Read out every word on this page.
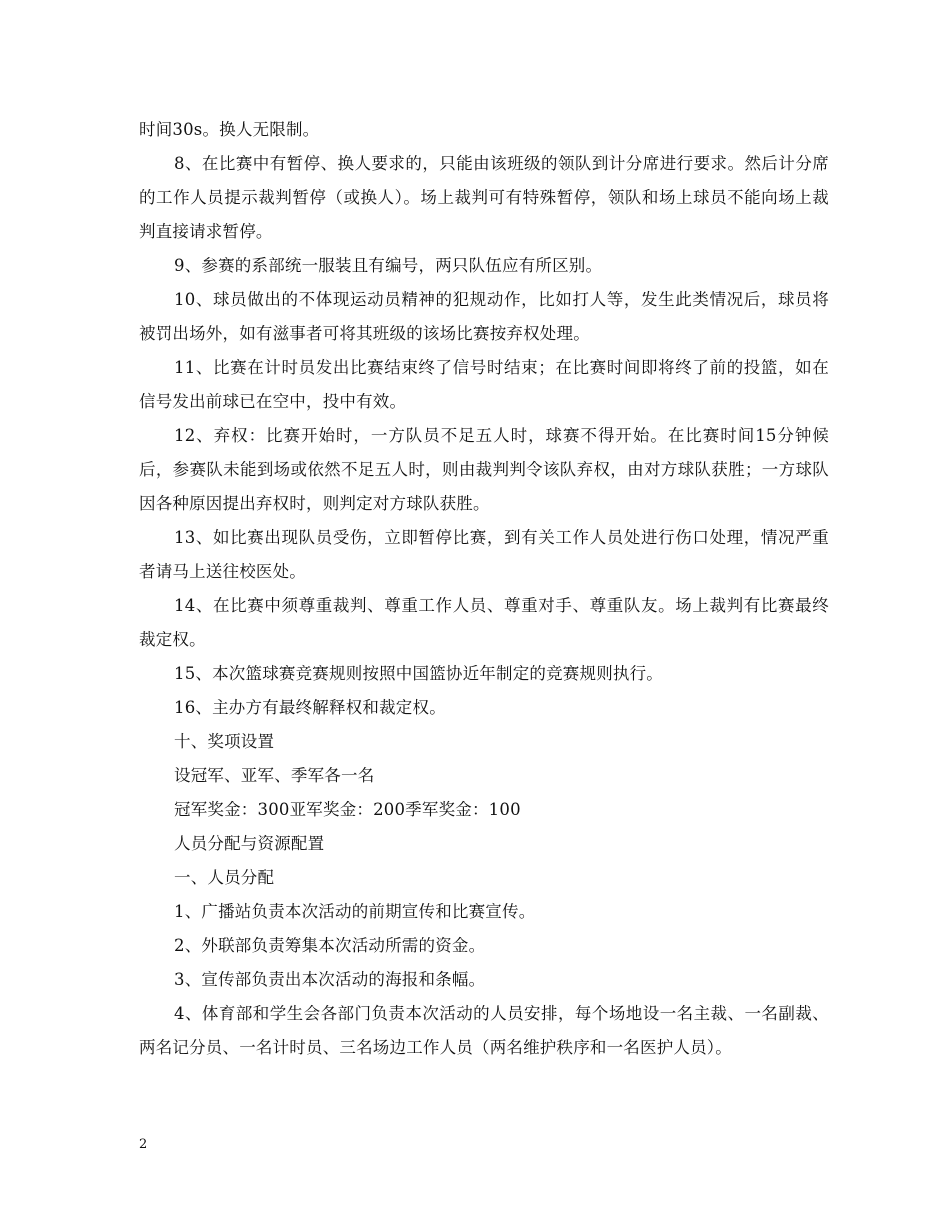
时间30s。换人无限制。

8、在比赛中有暂停、换人要求的，只能由该班级的领队到计分席进行要求。然后计分席的工作人员提示裁判暂停（或换人）。场上裁判可有特殊暂停，领队和场上球员不能向场上裁判直接请求暂停。

9、参赛的系部统一服装且有编号，两只队伍应有所区别。

10、球员做出的不体现运动员精神的犯规动作，比如打人等，发生此类情况后，球员将被罚出场外，如有滋事者可将其班级的该场比赛按弃权处理。

11、比赛在计时员发出比赛结束终了信号时结束；在比赛时间即将终了前的投篮，如在信号发出前球已在空中，投中有效。

12、弃权：比赛开始时，一方队员不足五人时，球赛不得开始。在比赛时间15分钟候后，参赛队未能到场或依然不足五人时，则由裁判判令该队弃权，由对方球队获胜；一方球队因各种原因提出弃权时，则判定对方球队获胜。

13、如比赛出现队员受伤，立即暂停比赛，到有关工作人员处进行伤口处理，情况严重者请马上送往校医处。

14、在比赛中须尊重裁判、尊重工作人员、尊重对手、尊重队友。场上裁判有比赛最终裁定权。

15、本次篮球赛竞赛规则按照中国篮协近年制定的竞赛规则执行。

16、主办方有最终解释权和裁定权。

十、奖项设置

设冠军、亚军、季军各一名

冠军奖金：300亚军奖金：200季军奖金：100

人员分配与资源配置

一、人员分配

1、广播站负责本次活动的前期宣传和比赛宣传。

2、外联部负责筹集本次活动所需的资金。

3、宣传部负责出本次活动的海报和条幅。

4、体育部和学生会各部门负责本次活动的人员安排，每个场地设一名主裁、一名副裁、两名记分员、一名计时员、三名场边工作人员（两名维护秩序和一名医护人员）。

2
